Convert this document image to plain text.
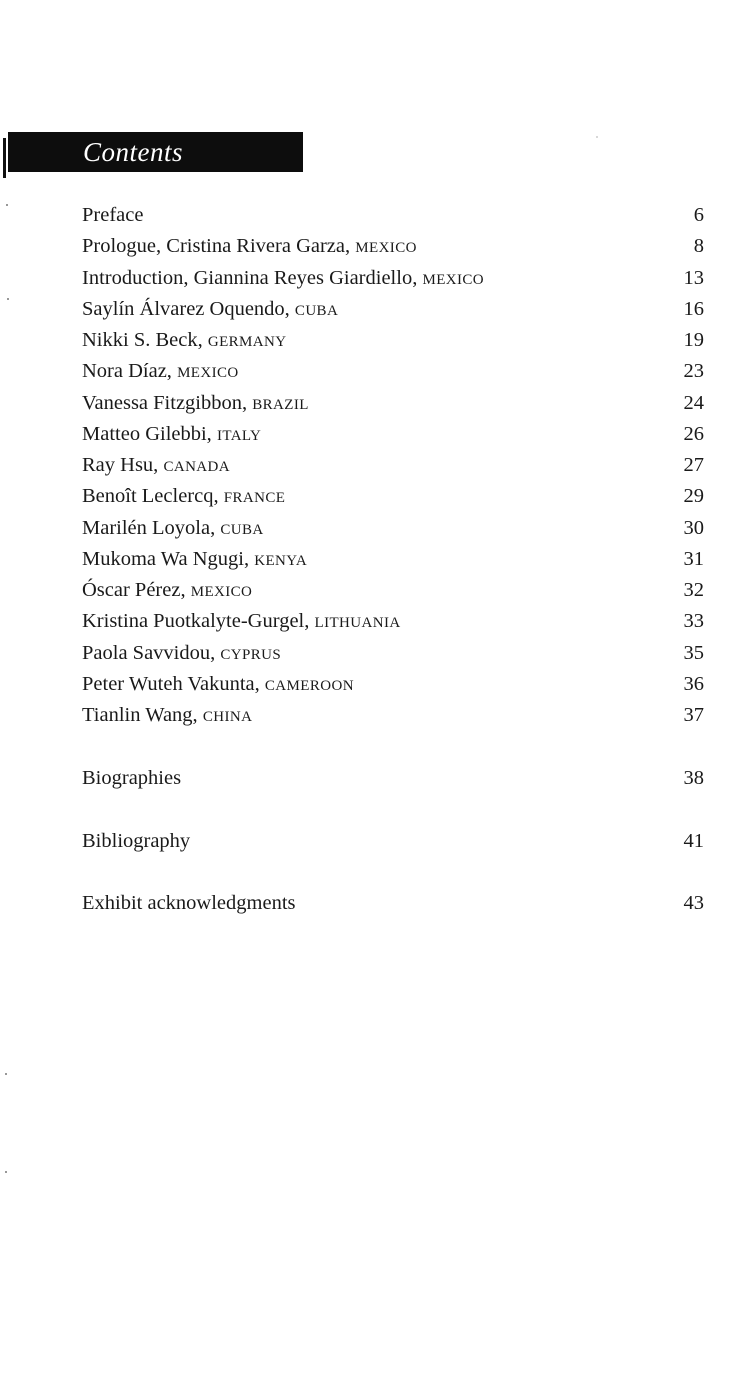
Contents
Preface	6
Prologue, Cristina Rivera Garza, MEXICO	8
Introduction, Giannina Reyes Giardiello, MEXICO	13
Saylín Álvarez Oquendo, CUBA	16
Nikki S. Beck, GERMANY	19
Nora Díaz, MEXICO	23
Vanessa Fitzgibbon, BRAZIL	24
Matteo Gilebbi, ITALY	26
Ray Hsu, CANADA	27
Benoît Leclercq, FRANCE	29
Marilén Loyola, CUBA	30
Mukoma Wa Ngugi, KENYA	31
Óscar Pérez, MEXICO	32
Kristina Puotkalyte-Gurgel, LITHUANIA	33
Paola Savvidou, CYPRUS	35
Peter Wuteh Vakunta, CAMEROON	36
Tianlin Wang, CHINA	37
Biographies	38
Bibliography	41
Exhibit acknowledgments	43
